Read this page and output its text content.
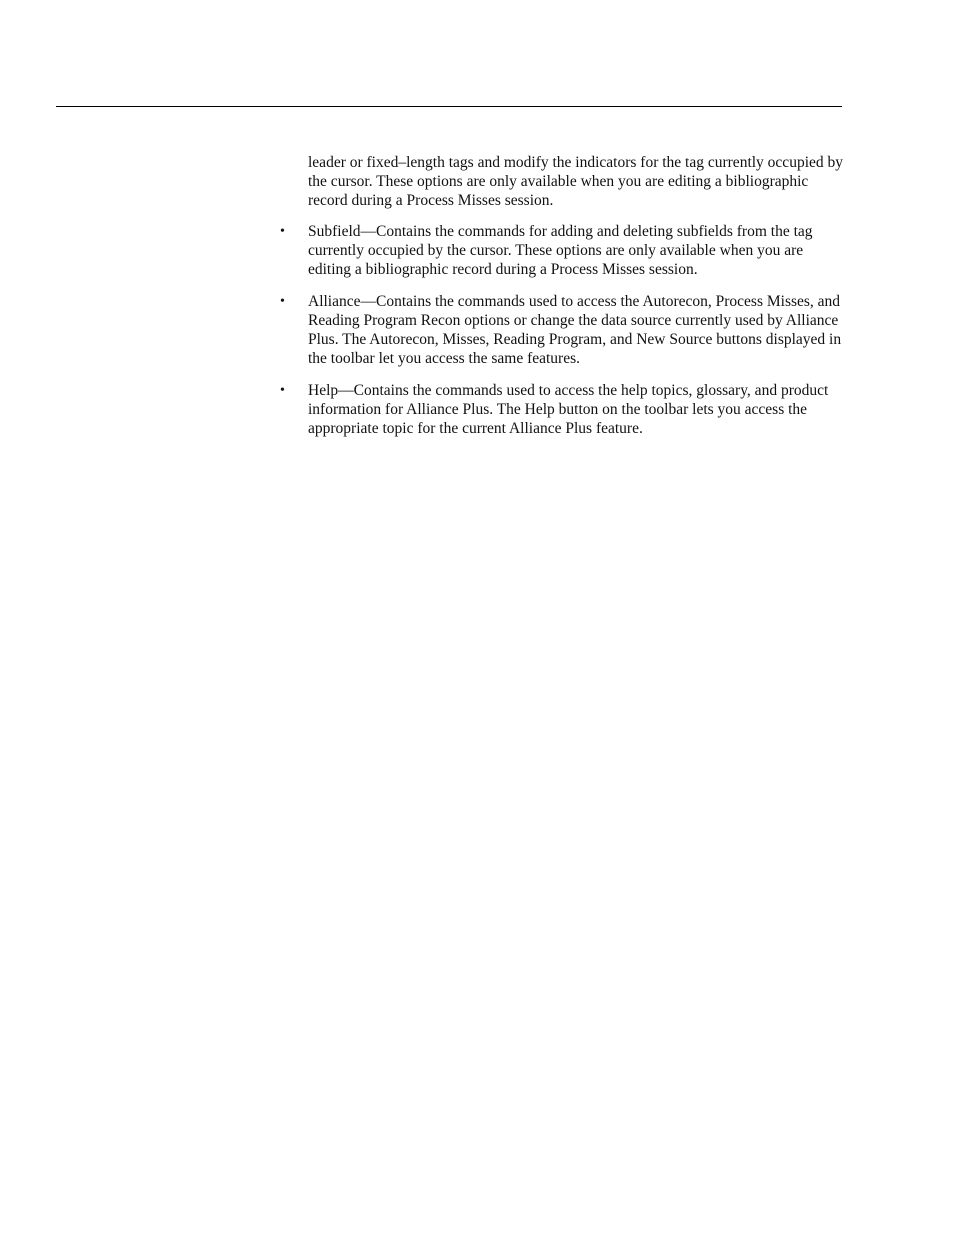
leader or fixed–length tags and modify the indicators for the tag currently occupied by the cursor. These options are only available when you are editing a bibliographic record during a Process Misses session.

• Subfield—Contains the commands for adding and deleting subfields from the tag currently occupied by the cursor. These options are only available when you are editing a bibliographic record during a Process Misses session.
• Alliance—Contains the commands used to access the Autorecon, Process Misses, and Reading Program Recon options or change the data source currently used by Alliance Plus. The Autorecon, Misses, Reading Program, and New Source buttons displayed in the toolbar let you access the same features.
• Help—Contains the commands used to access the help topics, glossary, and product information for Alliance Plus. The Help button on the toolbar lets you access the appropriate topic for the current Alliance Plus feature.
